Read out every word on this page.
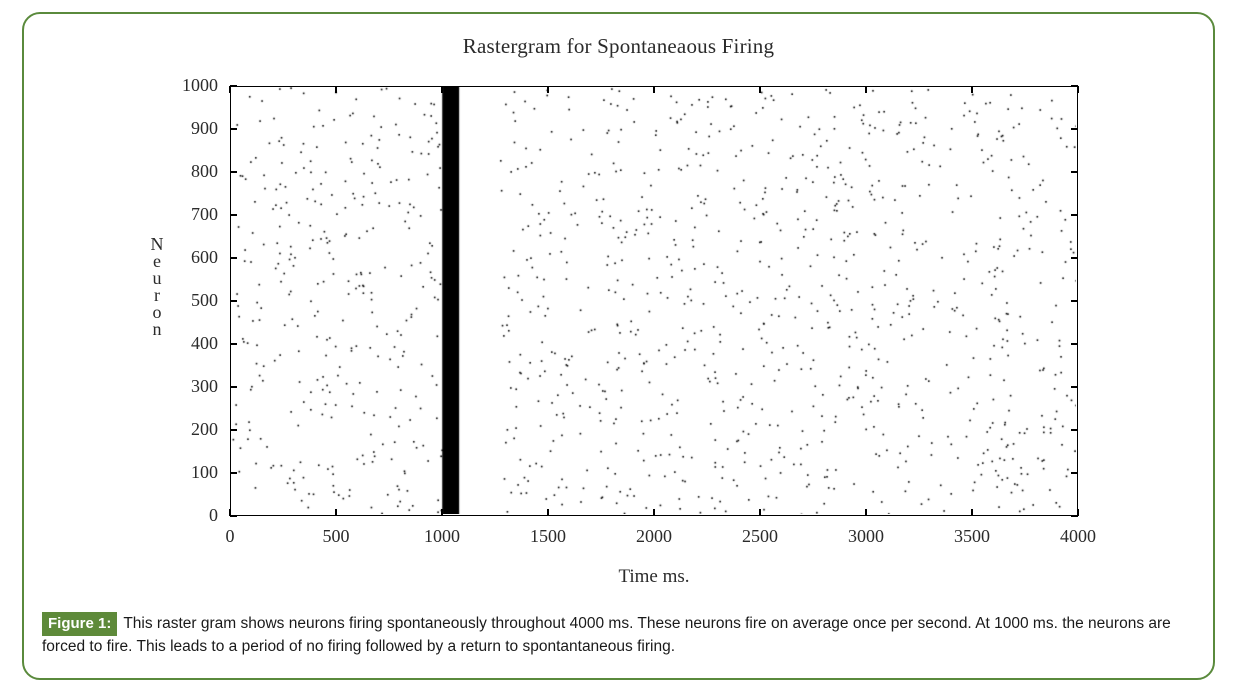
Rastergram for Spontaneaous Firing
N
e
u
r
o
n
0
100
200
300
400
500
600
700
800
900
1000
0	500	1000	1500	2000	2500	3000	3500	4000
Time ms.
Figure 1: This raster gram shows neurons firing spontaneously throughout 4000 ms. These neurons fire on average once per second. At 1000 ms. the neurons are forced to fire. This leads to a period of no firing followed by a return to spontantaneous firing.
